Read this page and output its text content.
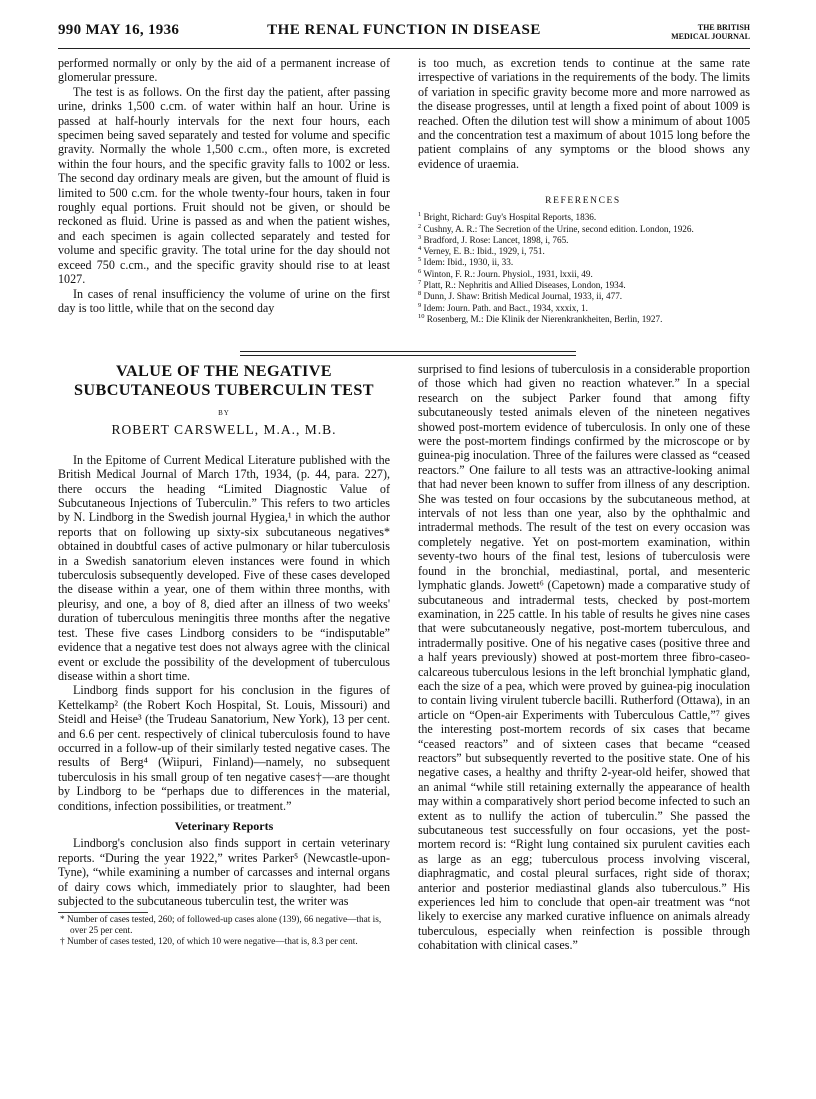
990 MAY 16, 1936	THE RENAL FUNCTION IN DISEASE	THE BRITISH
MEDICAL JOURNAL

performed normally or only by the aid of a permanent increase of glomerular pressure.

The test is as follows. On the first day the patient, after passing urine, drinks 1,500 c.cm. of water within half an hour. Urine is passed at half-hourly intervals for the next four hours, each specimen being saved separately and tested for volume and specific gravity. Normally the whole 1,500 c.cm., often more, is excreted within the four hours, and the specific gravity falls to 1002 or less. The second day ordinary meals are given, but the amount of fluid is limited to 500 c.cm. for the whole twenty-four hours, taken in four roughly equal portions. Fruit should not be given, or should be reckoned as fluid. Urine is passed as and when the patient wishes, and each specimen is again collected separately and tested for volume and specific gravity. The total urine for the day should not exceed 750 c.cm., and the specific gravity should rise to at least 1027.

In cases of renal insufficiency the volume of urine on the first day is too little, while that on the second day

is too much, as excretion tends to continue at the same rate irrespective of variations in the requirements of the body. The limits of variation in specific gravity become more and more narrowed as the disease progresses, until at length a fixed point of about 1009 is reached. Often the dilution test will show a minimum of about 1005 and the concentration test a maximum of about 1015 long before the patient complains of any symptoms or the blood shows any evidence of uraemia.

REFERENCES
$^1$ Bright, Richard: Guy's Hospital Reports, 1836.
$^2$ Cushny, A. R.: The Secretion of the Urine, second edition. London, 1926.
$^3$ Bradford, J. Rose: Lancet, 1898, i, 765.
$^4$ Verney, E. B.: Ibid., 1929, i, 751.
$^5$ Idem: Ibid., 1930, ii, 33.
$^6$ Winton, F. R.: Journ. Physiol., 1931, lxxii, 49.
$^7$ Platt, R.: Nephritis and Allied Diseases, London, 1934.
$^8$ Dunn, J. Shaw: British Medical Journal, 1933, ii, 477.
$^9$ Idem: Journ. Path. and Bact., 1934, xxxix, 1.
$^{10}$ Rosenberg, M.: Die Klinik der Nierenkrankheiten, Berlin, 1927.
VALUE OF THE NEGATIVE SUBCUTANEOUS TUBERCULIN TEST
BY
ROBERT CARSWELL, M.A., M.B.

In the Epitome of Current Medical Literature published with the British Medical Journal of March 17th, 1934, (p. 44, para. 227), there occurs the heading “Limited Diagnostic Value of Subcutaneous Injections of Tuberculin.” This refers to two articles by N. Lindborg in the Swedish journal Hygiea,¹ in which the author reports that on following up sixty-six subcutaneous negatives* obtained in doubtful cases of active pulmonary or hilar tuberculosis in a Swedish sanatorium eleven instances were found in which tuberculosis subsequently developed. Five of these cases developed the disease within a year, one of them within three months, with pleurisy, and one, a boy of 8, died after an illness of two weeks' duration of tuberculous meningitis three months after the negative test. These five cases Lindborg considers to be “indisputable” evidence that a negative test does not always agree with the clinical event or exclude the possibility of the development of tuberculous disease within a short time.

Lindborg finds support for his conclusion in the figures of Kettelkamp² (the Robert Koch Hospital, St. Louis, Missouri) and Steidl and Heise³ (the Trudeau Sanatorium, New York), 13 per cent. and 6.6 per cent. respectively of clinical tuberculosis found to have occurred in a follow-up of their similarly tested negative cases. The results of Berg⁴ (Wiipuri, Finland)—namely, no subsequent tuberculosis in his small group of ten negative cases†—are thought by Lindborg to be “perhaps due to differences in the material, conditions, infection possibilities, or treatment.”

Veterinary Reports

Lindborg's conclusion also finds support in certain veterinary reports. “During the year 1922,” writes Parker⁵ (Newcastle-upon-Tyne), “while examining a number of carcasses and internal organs of dairy cows which, immediately prior to slaughter, had been subjected to the subcutaneous tuberculin test, the writer was

* Number of cases tested, 260; of followed-up cases alone (139), 66 negative—that is, over 25 per cent.
† Number of cases tested, 120, of which 10 were negative—that is, 8.3 per cent.

surprised to find lesions of tuberculosis in a considerable proportion of those which had given no reaction whatever.” In a special research on the subject Parker found that among fifty subcutaneously tested animals eleven of the nineteen negatives showed post-mortem evidence of tuberculosis. In only one of these were the post-mortem findings confirmed by the microscope or by guinea-pig inoculation. Three of the failures were classed as “ceased reactors.” One failure to all tests was an attractive-looking animal that had never been known to suffer from illness of any description. She was tested on four occasions by the subcutaneous method, at intervals of not less than one year, also by the ophthalmic and intradermal methods. The result of the test on every occasion was completely negative. Yet on post-mortem examination, within seventy-two hours of the final test, lesions of tuberculosis were found in the bronchial, mediastinal, portal, and mesenteric lymphatic glands. Jowett⁶ (Capetown) made a comparative study of subcutaneous and intradermal tests, checked by post-mortem examination, in 225 cattle. In his table of results he gives nine cases that were subcutaneously negative, post-mortem tuberculous, and intradermally positive. One of his negative cases (positive three and a half years previously) showed at post-mortem three fibro-caseo-calcareous tuberculous lesions in the left bronchial lymphatic gland, each the size of a pea, which were proved by guinea-pig inoculation to contain living virulent tubercle bacilli. Rutherford (Ottawa), in an article on “Open-air Experiments with Tuberculous Cattle,”⁷ gives the interesting post-mortem records of six cases that became “ceased reactors” and of sixteen cases that became “ceased reactors” but subsequently reverted to the positive state. One of his negative cases, a healthy and thrifty 2-year-old heifer, showed that an animal “while still retaining externally the appearance of health may within a comparatively short period become infected to such an extent as to nullify the action of tuberculin.” She passed the subcutaneous test successfully on four occasions, yet the post-mortem record is: “Right lung contained six purulent cavities each as large as an egg; tuberculous process involving visceral, diaphragmatic, and costal pleural surfaces, right side of thorax; anterior and posterior mediastinal glands also tuberculous.” His experiences led him to conclude that open-air treatment was “not likely to exercise any marked curative influence on animals already tuberculous, especially when reinfection is possible through cohabitation with clinical cases.”
